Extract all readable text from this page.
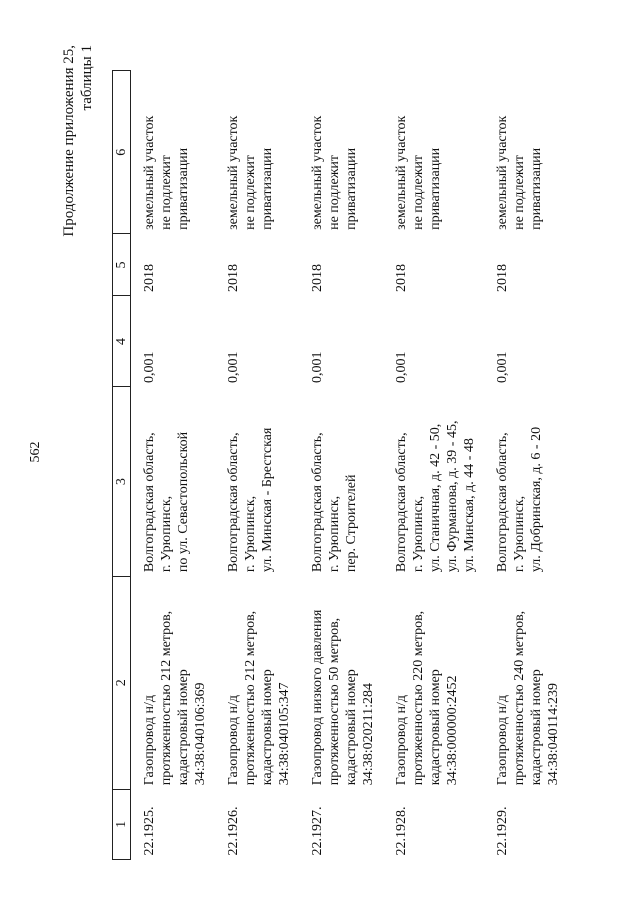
562
Продолжение приложения 25, таблицы 1
1	2	3	4	5	6

22.1925.	Газопровод н/д протяженностью 212 метров, кадастровый номер 34:38:040106:369	Волгоградская область, г. Урюпинск, по ул. Севастопольской	0,001	2018	земельный участок не подлежит приватизации

22.1926.	Газопровод н/д протяженностью 212 метров, кадастровый номер 34:38:040105:347	Волгоградская область, г. Урюпинск, ул. Минская - Брестская	0,001	2018	земельный участок не подлежит приватизации

22.1927.	Газопровод низкого давления протяженностью 50 метров, кадастровый номер 34:38:020211:284	Волгоградская область, г. Урюпинск, пер. Строителей	0,001	2018	земельный участок не подлежит приватизации

22.1928.	Газопровод н/д протяженностью 220 метров, кадастровый номер 34:38:000000:2452	Волгоградская область, г. Урюпинск, ул. Станичная, д. 42 - 50, ул. Фурманова, д. 39 - 45, ул. Минская, д. 44 - 48	0,001	2018	земельный участок не подлежит приватизации

22.1929.	Газопровод н/д протяженностью 240 метров, кадастровый номер 34:38:040114:239	Волгоградская область, г. Урюпинск, ул. Добринская, д. 6 - 20	0,001	2018	земельный участок не подлежит приватизации
